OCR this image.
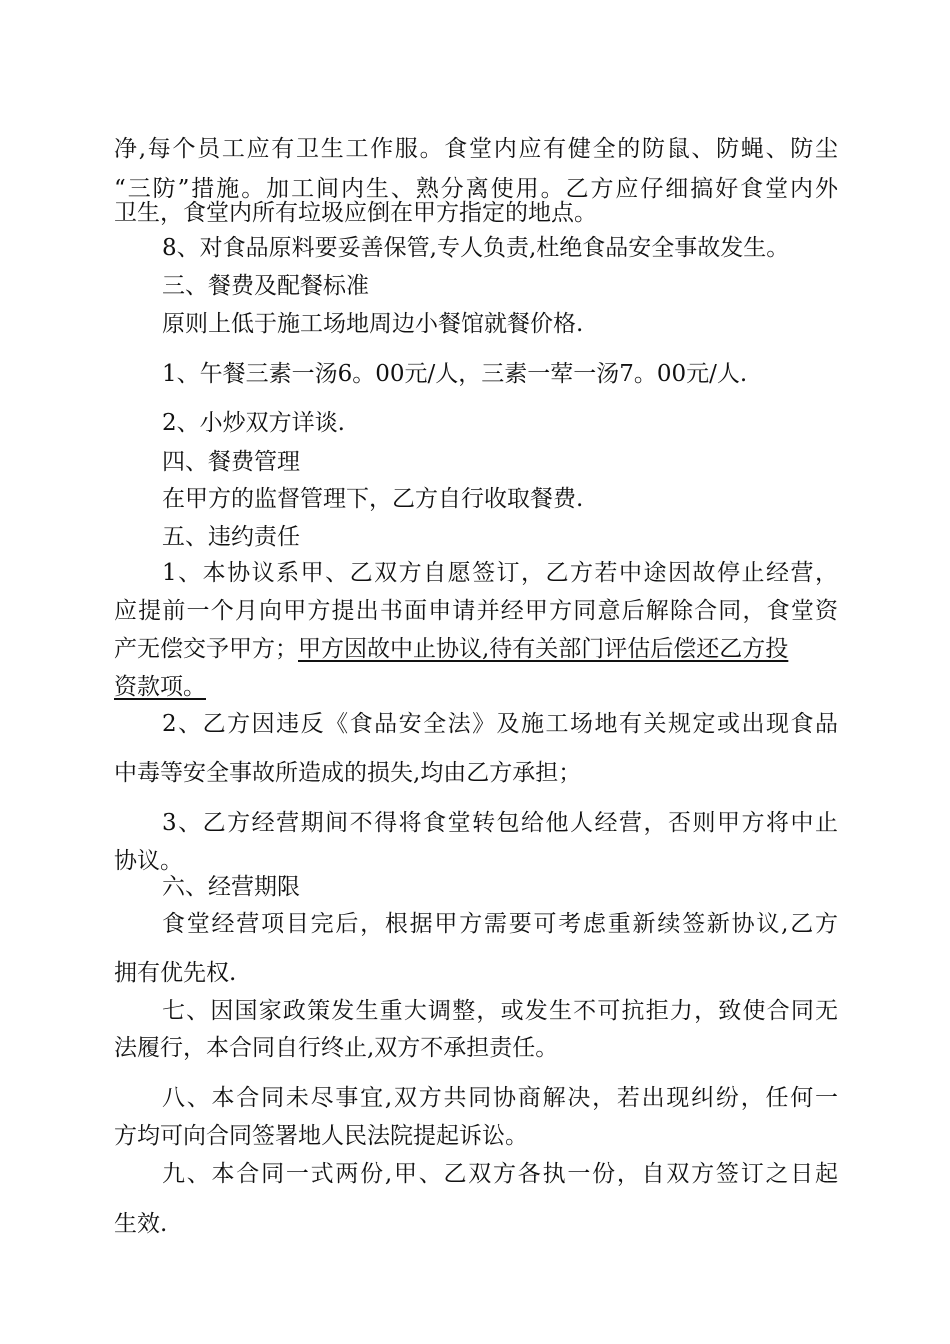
净,每个员工应有卫生工作服。食堂内应有健全的防鼠、防蝇、防尘
“三防”措施。加工间内生、熟分离使用。乙方应仔细搞好食堂内外
卫生，食堂内所有垃圾应倒在甲方指定的地点。
8、对食品原料要妥善保管,专人负责,杜绝食品安全事故发生。
三、餐费及配餐标准
原则上低于施工场地周边小餐馆就餐价格.
1、午餐三素一汤6。00元/人，三素一荤一汤7。00元/人.
2、小炒双方详谈.
四、餐费管理
在甲方的监督管理下，乙方自行收取餐费.
五、违约责任
1、本协议系甲、乙双方自愿签订，乙方若中途因故停止经营，
应提前一个月向甲方提出书面申请并经甲方同意后解除合同，食堂资
产无偿交予甲方；甲方因故中止协议,待有关部门评估后偿还乙方投
资款项。
2、乙方因违反《食品安全法》及施工场地有关规定或出现食品
中毒等安全事故所造成的损失,均由乙方承担；
3、乙方经营期间不得将食堂转包给他人经营，否则甲方将中止
协议。
六、经营期限
食堂经营项目完后，根据甲方需要可考虑重新续签新协议,乙方
拥有优先权.
七、因国家政策发生重大调整，或发生不可抗拒力，致使合同无
法履行，本合同自行终止,双方不承担责任。
八、本合同未尽事宜,双方共同协商解决，若出现纠纷，任何一
方均可向合同签署地人民法院提起诉讼。
九、本合同一式两份,甲、乙双方各执一份，自双方签订之日起
生效.
